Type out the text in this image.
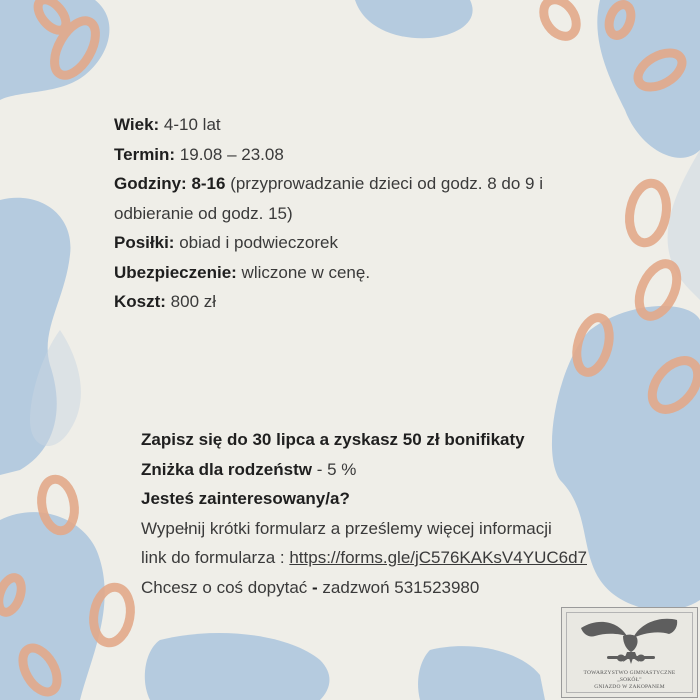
Wiek: 4-10 lat

Termin: 19.08 – 23.08

Godziny: 8-16 (przyprowadzanie dzieci od godz. 8 do 9 i

odbieranie od godz. 15)

Posiłki: obiad i podwieczorek

Ubezpieczenie: wliczone w cenę.

Koszt: 800 zł

Zapisz się do 30 lipca a zyskasz 50 zł bonifikaty

Zniżka dla rodzeństw - 5 %

Jesteś zainteresowany/a?

Wypełnij krótki formularz a prześlemy więcej informacji

link do formularza : https://forms.gle/jC576KAKsV4YUC6d7

Chcesz o coś dopytać - zadzwoń 531523980

TOWARZYSTWO GIMNASTYCZNE
„SOKÓŁ”
GNIAZDO W ZAKOPANEM
